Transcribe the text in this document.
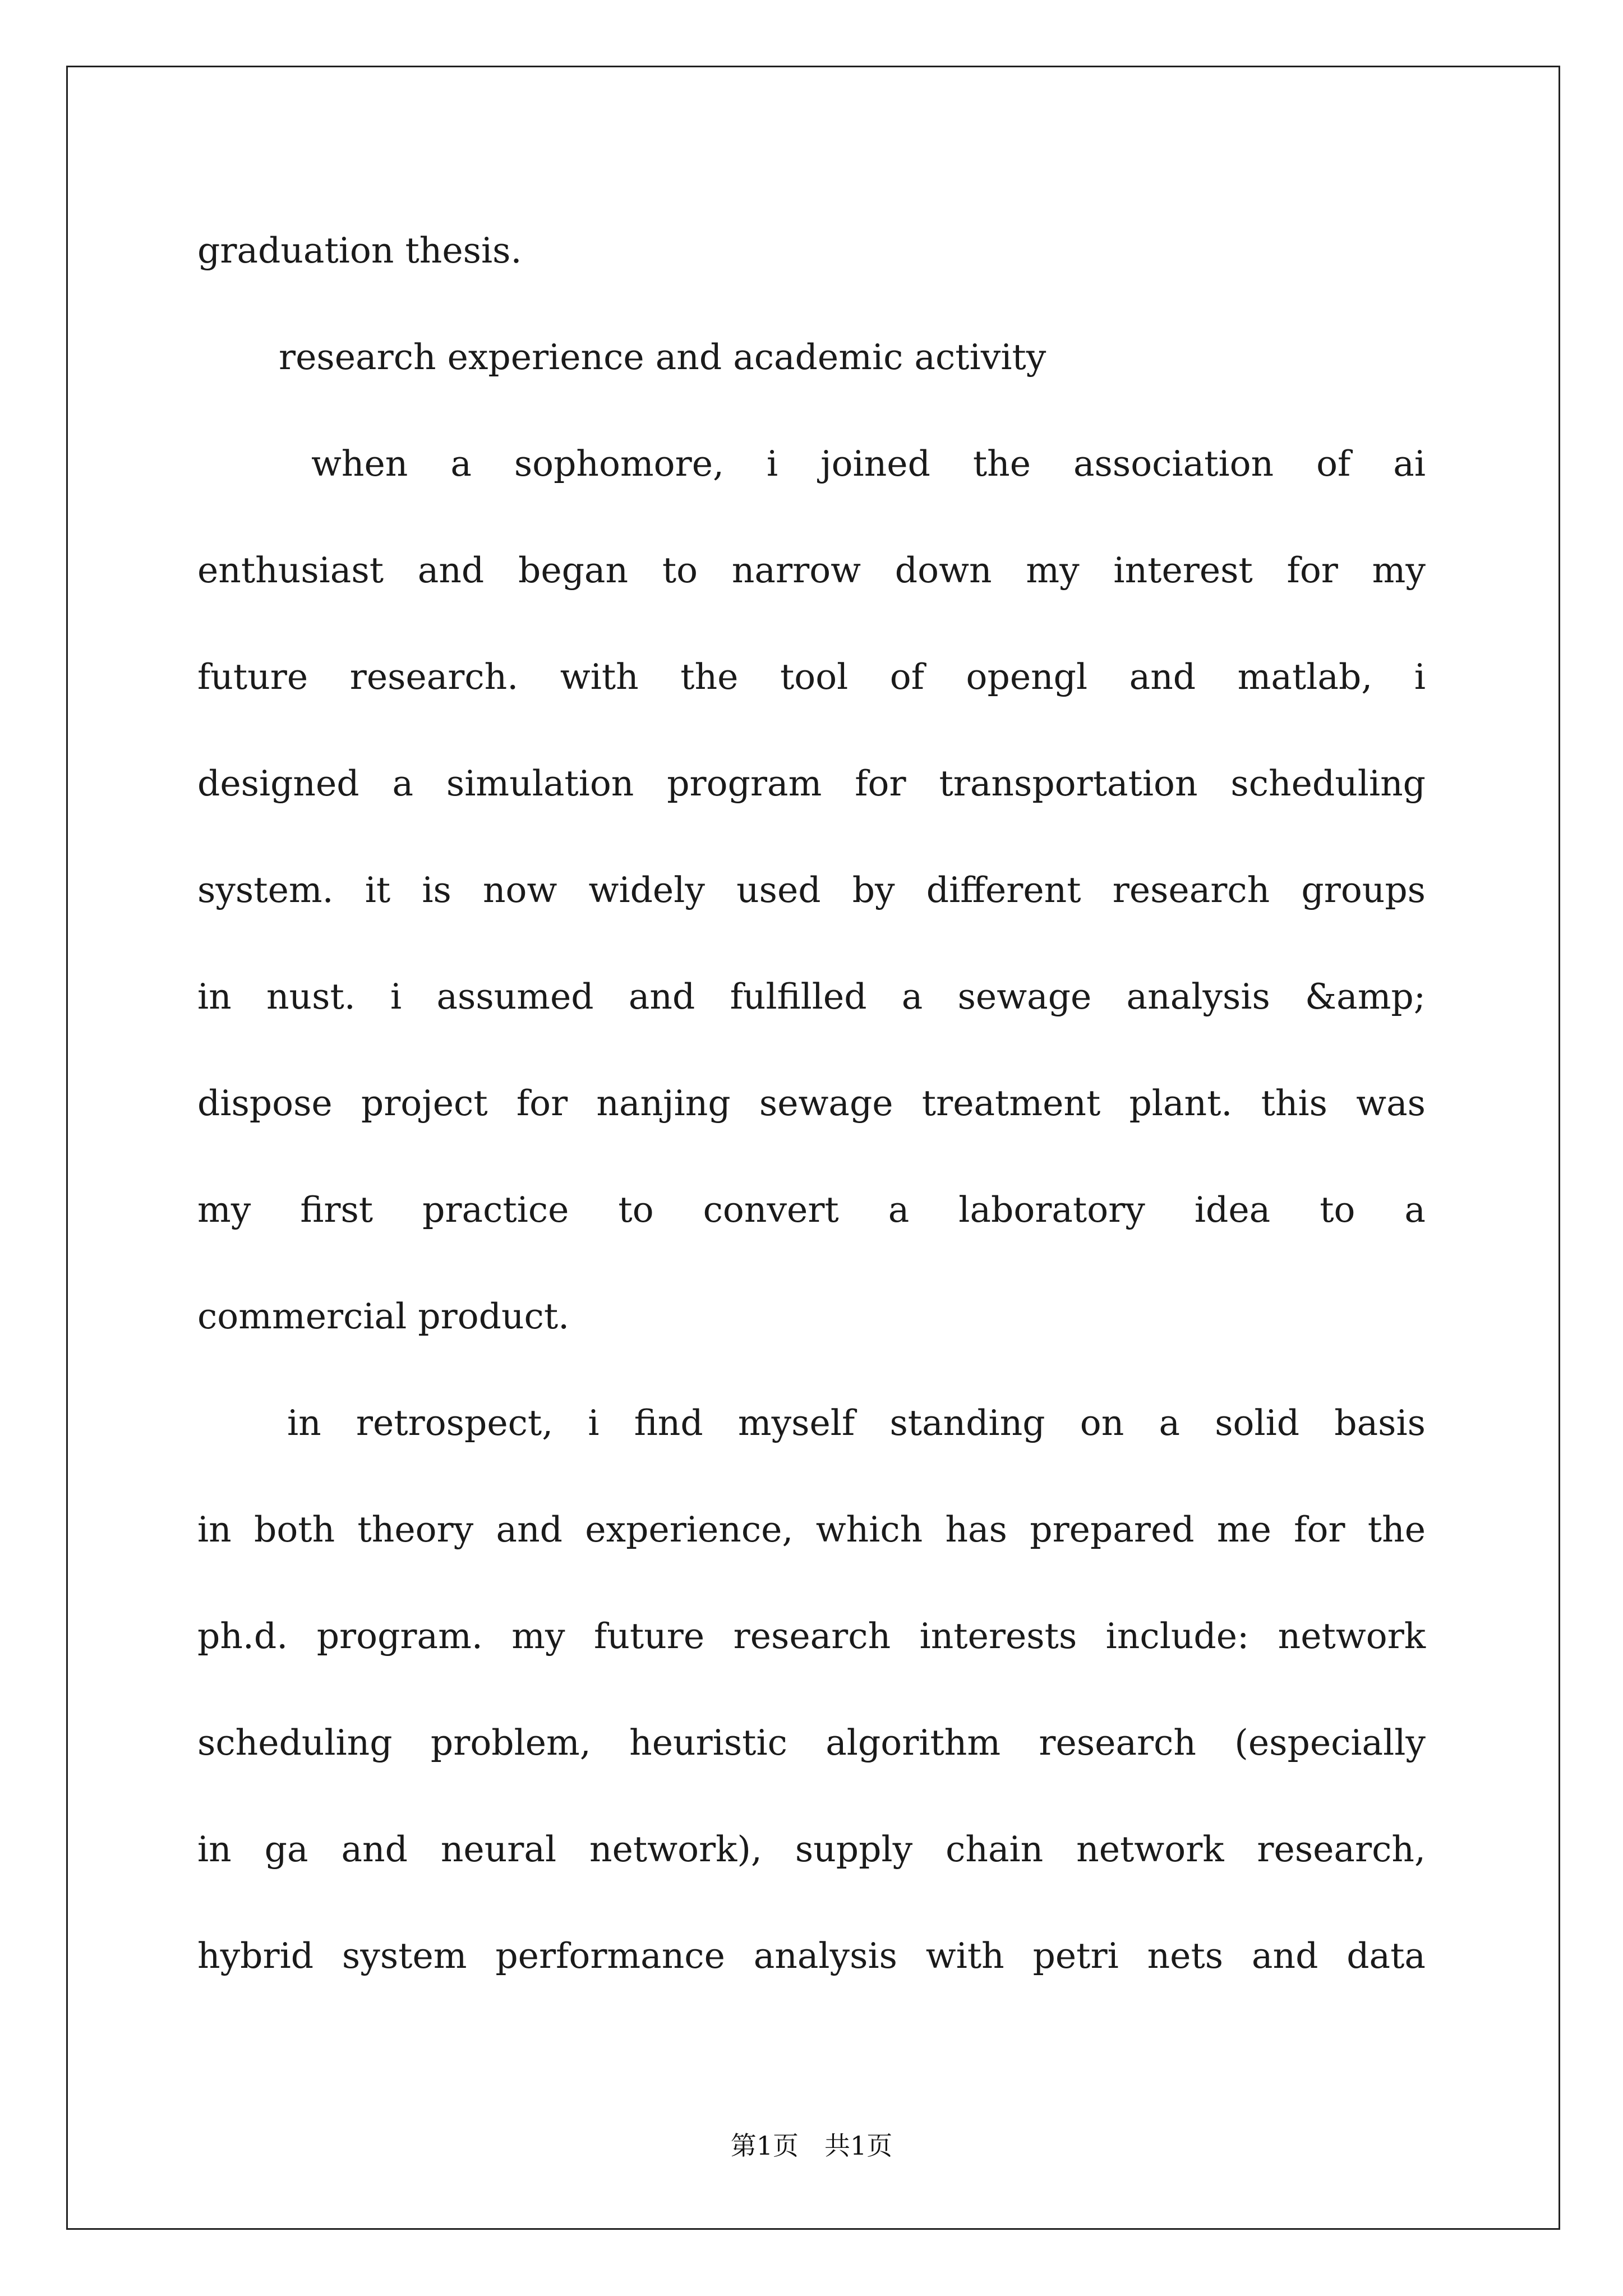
graduation thesis.
research experience and academic activity
when a sophomore, i joined the association of ai
enthusiast and began to narrow down my interest for my
future research. with the tool of opengl and matlab, i
designed a simulation program for transportation scheduling
system. it is now widely used by different research groups
in nust. i assumed and fulfilled a sewage analysis &amp;
dispose project for nanjing sewage treatment plant. this was
my first practice to convert a laboratory idea to a
commercial product.
in retrospect, i find myself standing on a solid basis
in both theory and experience, which has prepared me for the
ph.d. program. my future research interests include: network
scheduling problem, heuristic algorithm research (especially
in ga and neural network), supply chain network research,
hybrid system performance analysis with petri nets and data
第1页　共1页
